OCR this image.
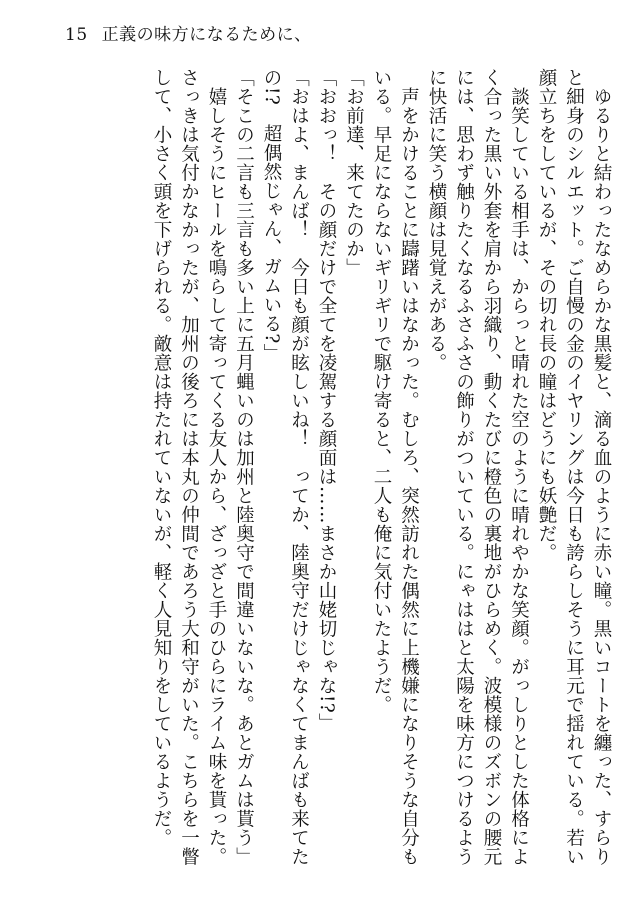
15 正義の味方になるために、

ゆるりと結わったなめらかな黒髪と、滴る血のように赤い瞳。黒いコートを纏った、すらりと細身のシルエット。ご自慢の金のイヤリングは今日も誇らしそうに耳元で揺れている。若い顔立ちをしているが、その切れ長の瞳はどうにも妖艶だ。

談笑している相手は、からっと晴れた空のように晴れやかな笑顔。がっしりとした体格によく合った黒い外套を肩から羽織り、動くたびに橙色の裏地がひらめく。波模様のズボンの腰元には、思わず触りたくなるふさふさの飾りがついている。にゃははと太陽を味方につけるように快活に笑う横顔は見覚えがある。

声をかけることに躊躇いはなかった。むしろ、突然訪れた偶然に上機嫌になりそうな自分もいる。早足にならないギリギリで駆け寄ると、二人も俺に気付いたようだ。

「お前達、来てたのか」

「おおっ！　その顔だけで全てを凌駕する顔面は……まさか山姥切じゃな!?」

「おはよ、まんば！　今日も顔が眩しいね！　ってか、陸奥守だけじゃなくてまんばも来てたの!?　超偶然じゃん、ガムいる?」

「そこの二言も三言も多い上に五月蝿いのは加州と陸奥守で間違いないな。あとガムは貰う」

嬉しそうにヒールを鳴らして寄ってくる友人から、ざっざと手のひらにライム味を貰った。さっきは気付かなかったが、加州の後ろには本丸の仲間であろう大和守がいた。こちらを一瞥して、小さく頭を下げられる。敵意は持たれていないが、軽く人見知りをしているようだ。
